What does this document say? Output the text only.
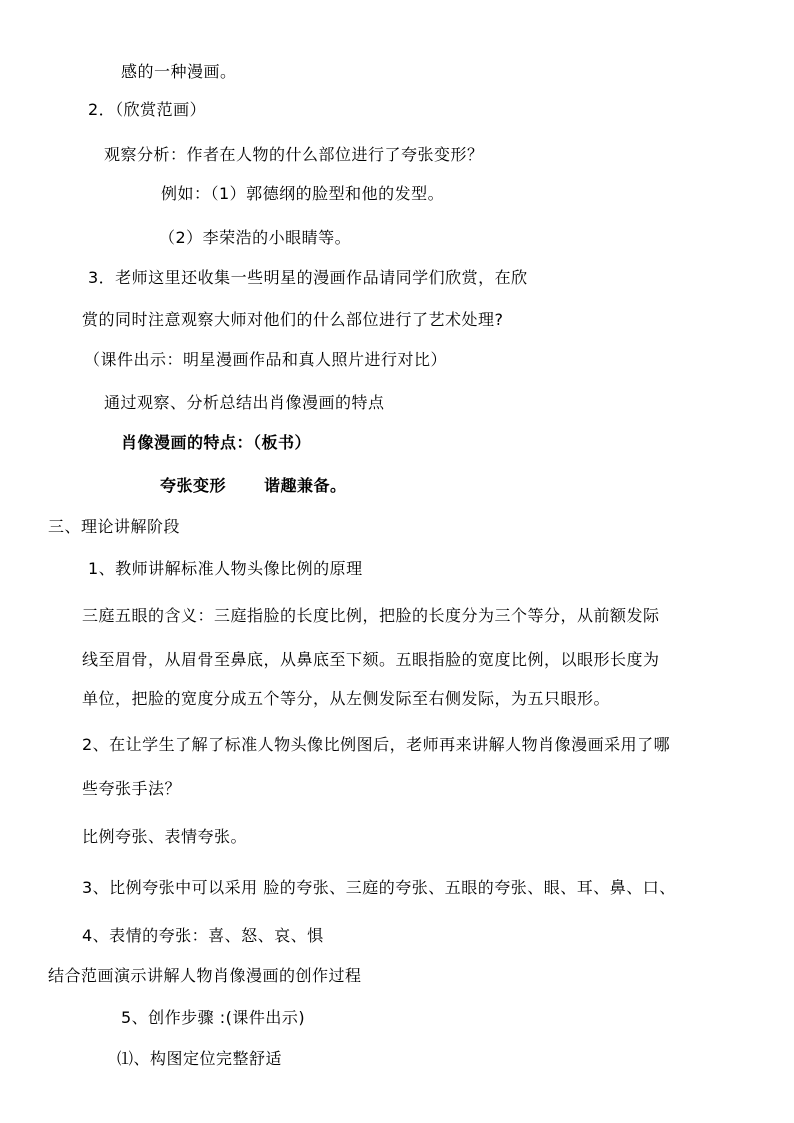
感的一种漫画。
2．（欣赏范画）
观察分析：作者在人物的什么部位进行了夸张变形？
例如：（1）郭德纲的脸型和他的发型。
（2）李荣浩的小眼睛等。
3．老师这里还收集一些明星的漫画作品请同学们欣赏，在欣
赏的同时注意观察大师对他们的什么部位进行了艺术处理?
（课件出示：明星漫画作品和真人照片进行对比）
通过观察、分析总结出肖像漫画的特点
肖像漫画的特点：（板书）
夸张变形 谐趣兼备。
三、理论讲解阶段
1、教师讲解标准人物头像比例的原理
三庭五眼的含义：三庭指脸的长度比例，把脸的长度分为三个等分，从前额发际
线至眉骨，从眉骨至鼻底，从鼻底至下颏。五眼指脸的宽度比例，以眼形长度为
单位，把脸的宽度分成五个等分，从左侧发际至右侧发际，为五只眼形。
2、在让学生了解了标准人物头像比例图后，老师再来讲解人物肖像漫画采用了哪
些夸张手法？
比例夸张、表情夸张。
3、比例夸张中可以采用 脸的夸张、三庭的夸张、五眼的夸张、眼、耳、鼻、口、
4、表情的夸张：喜、怒、哀、惧
结合范画演示讲解人物肖像漫画的创作过程
5、创作步骤 :(课件出示)
⑴、构图定位完整舒适
